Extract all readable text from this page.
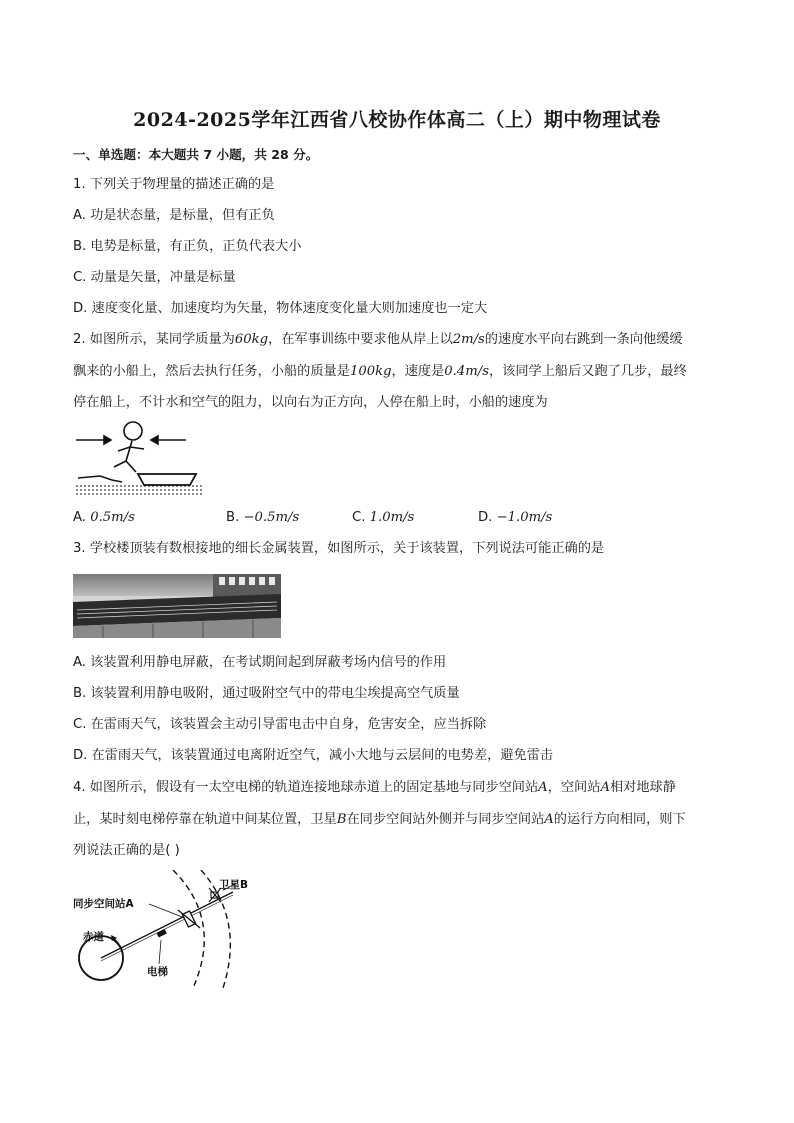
2024-2025学年江西省八校协作体高二（上）期中物理试卷
一、单选题：本大题共 7 小题，共 28 分。
1. 下列关于物理量的描述正确的是
A. 功是状态量，是标量，但有正负
B. 电势是标量，有正负，正负代表大小
C. 动量是矢量，冲量是标量
D. 速度变化量、加速度均为矢量，物体速度变化量大则加速度也一定大
2. 如图所示，某同学质量为60kg，在军事训练中要求他从岸上以2m/s的速度水平向右跳到一条向他缓缓
飘来的小船上，然后去执行任务，小船的质量是100kg，速度是0.4m/s，该同学上船后又跑了几步，最终
停在船上，不计水和空气的阻力，以向右为正方向，人停在船上时，小船的速度为
A. 0.5m/s	B. −0.5m/s	C. 1.0m/s	D. −1.0m/s
3. 学校楼顶装有数根接地的细长金属装置，如图所示，关于该装置，下列说法可能正确的是
A. 该装置利用静电屏蔽，在考试期间起到屏蔽考场内信号的作用
B. 该装置利用静电吸附，通过吸附空气中的带电尘埃提高空气质量
C. 在雷雨天气，该装置会主动引导雷电击中自身，危害安全，应当拆除
D. 在雷雨天气，该装置通过电离附近空气，减小大地与云层间的电势差，避免雷击
4. 如图所示，假设有一太空电梯的轨道连接地球赤道上的固定基地与同步空间站A，空间站A相对地球静
止，某时刻电梯停靠在轨道中间某位置，卫星B在同步空间站外侧并与同步空间站A的运行方向相同，则下
列说法正确的是( )
卫星B
同步空间站A
赤道
电梯
